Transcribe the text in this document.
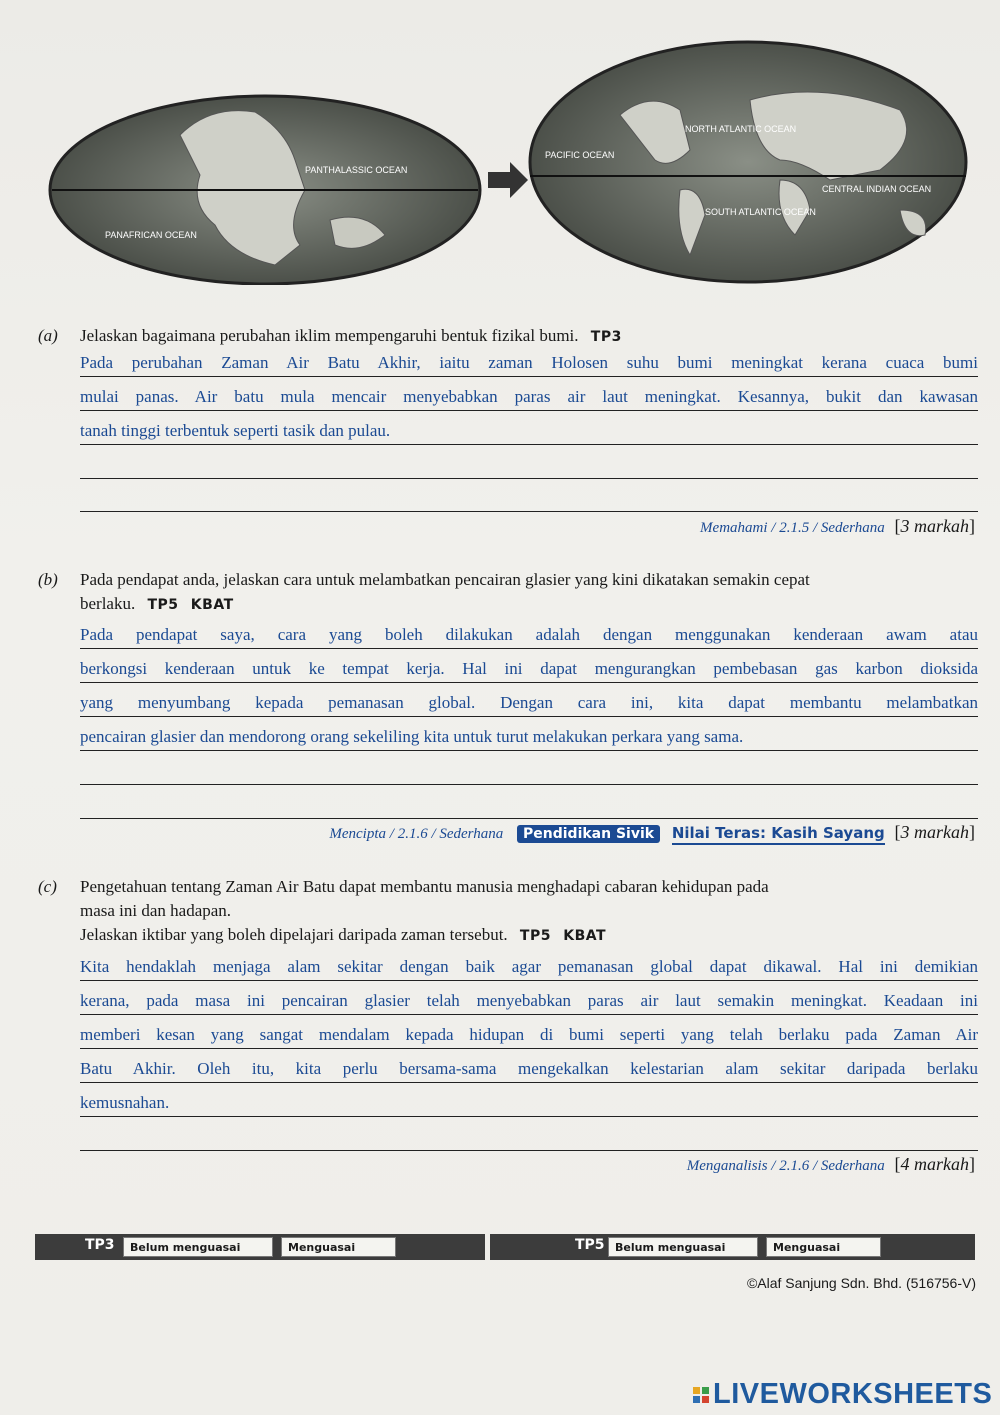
PANTHALASSIC OCEAN
PANAFRICAN OCEAN
NORTH ATLANTIC OCEAN
PACIFIC OCEAN
SOUTH ATLANTIC OCEAN
CENTRAL INDIAN OCEAN
(a) Jelaskan bagaimana perubahan iklim mempengaruhi bentuk fizikal bumi. TP3
Pada perubahan Zaman Air Batu Akhir, iaitu zaman Holosen suhu bumi meningkat kerana cuaca bumi
mulai panas. Air batu mula mencair menyebabkan paras air laut meningkat. Kesannya, bukit dan kawasan
tanah tinggi terbentuk seperti tasik dan pulau.
Memahami / 2.1.5 / Sederhana [3 markah]
(b) Pada pendapat anda, jelaskan cara untuk melambatkan pencairan glasier yang kini dikatakan semakin cepat
berlaku. TP5 KBAT
Pada pendapat saya, cara yang boleh dilakukan adalah dengan menggunakan kenderaan awam atau
berkongsi kenderaan untuk ke tempat kerja. Hal ini dapat mengurangkan pembebasan gas karbon dioksida
yang menyumbang kepada pemanasan global. Dengan cara ini, kita dapat membantu melambatkan
pencairan glasier dan mendorong orang sekeliling kita untuk turut melakukan perkara yang sama.
Mencipta / 2.1.6 / Sederhana Pendidikan Sivik Nilai Teras: Kasih Sayang [3 markah]
(c) Pengetahuan tentang Zaman Air Batu dapat membantu manusia menghadapi cabaran kehidupan pada
masa ini dan hadapan.
Jelaskan iktibar yang boleh dipelajari daripada zaman tersebut. TP5 KBAT
Kita hendaklah menjaga alam sekitar dengan baik agar pemanasan global dapat dikawal. Hal ini demikian
kerana, pada masa ini pencairan glasier telah menyebabkan paras air laut semakin meningkat. Keadaan ini
memberi kesan yang sangat mendalam kepada hidupan di bumi seperti yang telah berlaku pada Zaman Air
Batu Akhir. Oleh itu, kita perlu bersama-sama mengekalkan kelestarian alam sekitar daripada berlaku
kemusnahan.
Menganalisis / 2.1.6 / Sederhana [4 markah]
TP3	Belum menguasai	Menguasai	TP5 Belum menguasai	Menguasai
©Alaf Sanjung Sdn. Bhd. (516756-V)
LIVEWORKSHEETS
